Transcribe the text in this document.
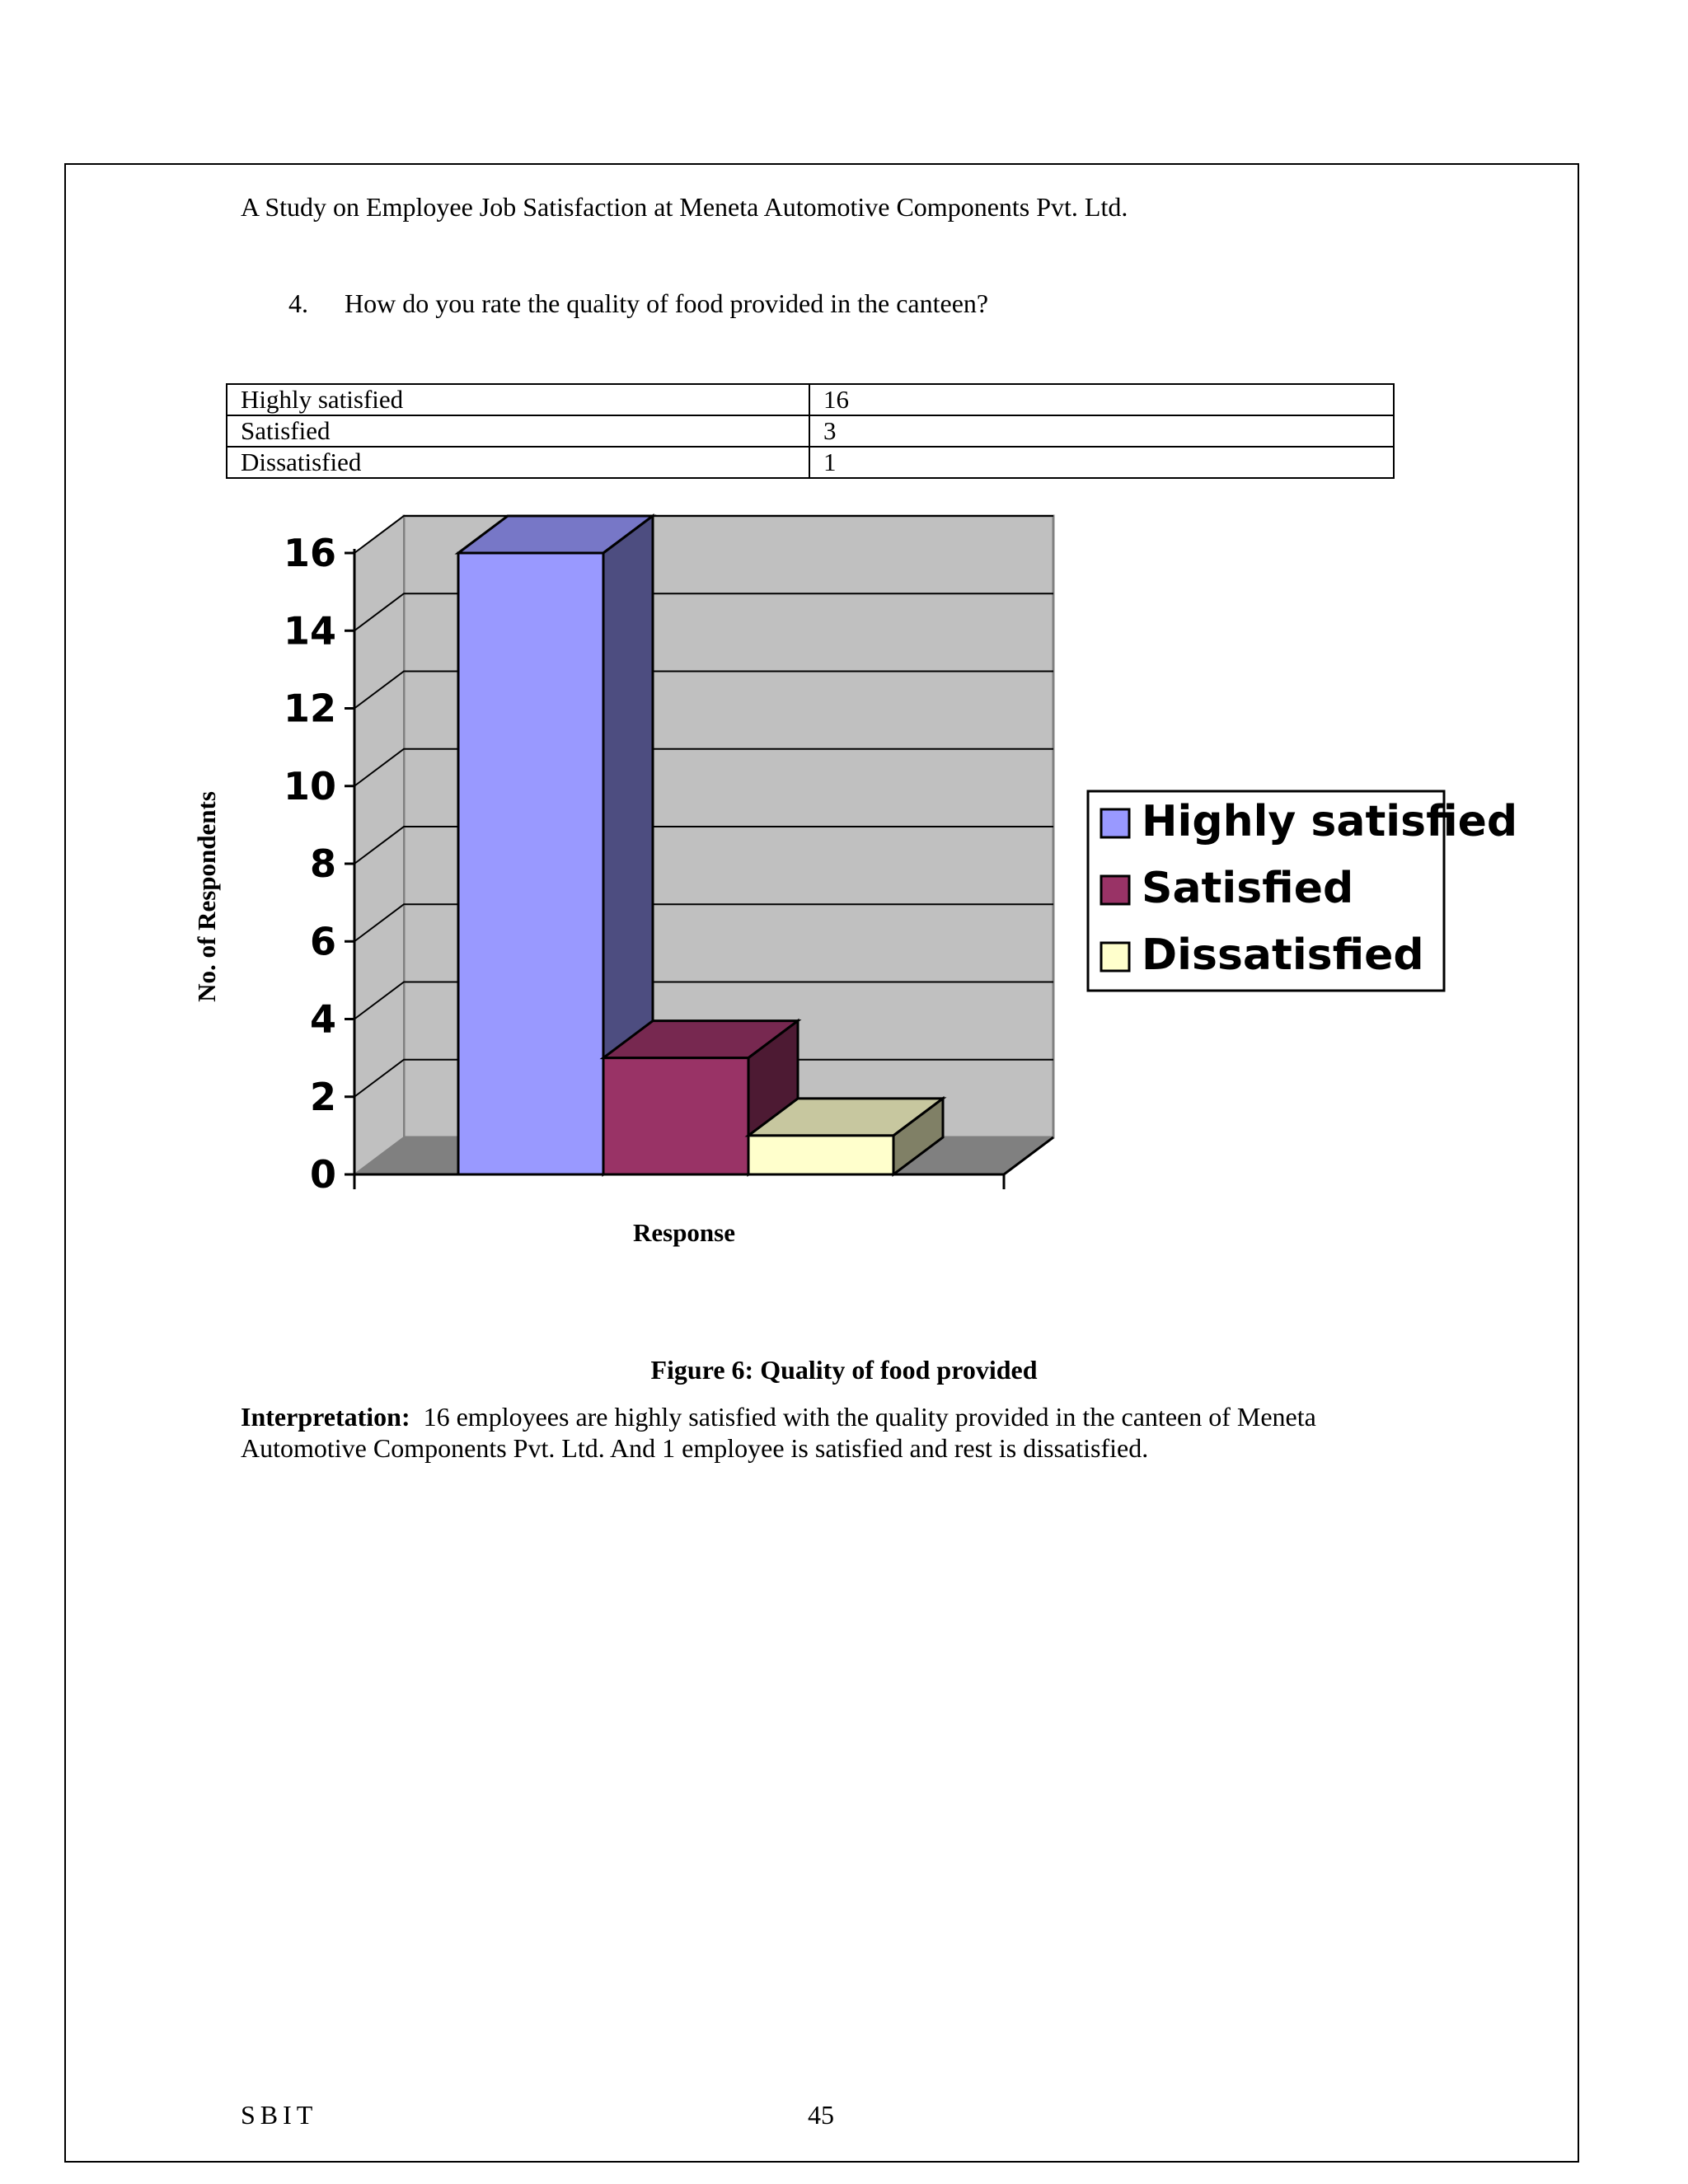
A Study on Employee Job Satisfaction at Meneta Automotive Components Pvt. Ltd.
4. How do you rate the quality of food provided in the canteen?
Highly satisfied	16
Satisfied	3
Dissatisfied	1
0
2
4
6
8
10
12
14
16
Response
No. of Respondents	Highly satisfied
Satisfied
Dissatisfied
Figure 6: Quality of food provided
Interpretation: 16 employees are highly satisfied with the quality provided in the canteen of Meneta Automotive Components Pvt. Ltd. And 1 employee is satisfied and rest is dissatisfied.
SBIT	45
